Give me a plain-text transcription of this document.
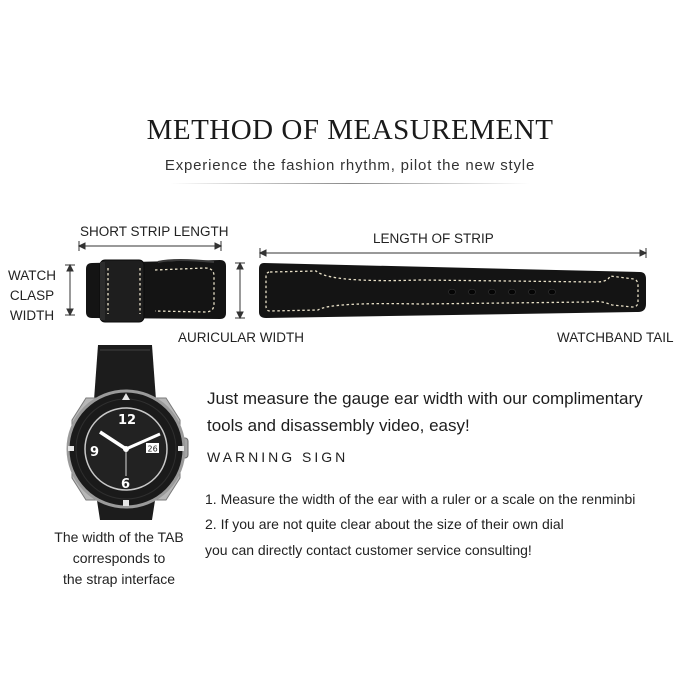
METHOD OF MEASUREMENT
Experience the fashion rhythm, pilot the new style
12
9
6
26
SHORT STRIP LENGTH	LENGTH OF STRIP
WATCH
CLASP
WIDTH
AURICULAR WIDTH	WATCHBAND TAIL
The width of the TAB
corresponds to
the strap interface
Just measure the gauge ear width with our complimentary tools and disassembly video, easy!
WARNING SIGN
1. Measure the width of the ear with a ruler or a scale on the renminbi
2. If you are not quite clear about the size of their own dial
you can directly contact customer service consulting!
